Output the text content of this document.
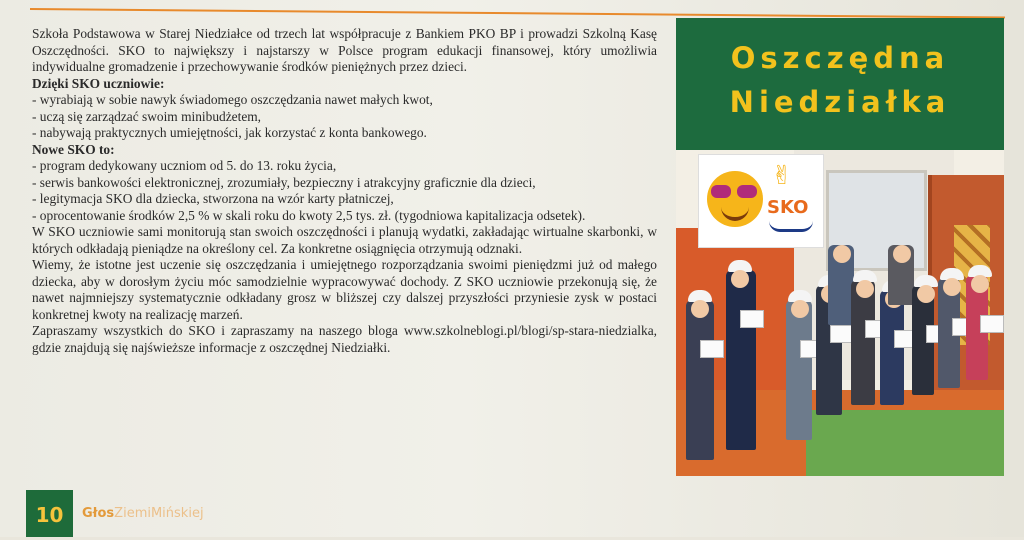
Szkoła Podstawowa w Starej Niedziałce od trzech lat współpracuje z Bankiem PKO BP i prowadzi Szkolną Kasę Oszczędności. SKO to największy i najstarszy w Polsce program edukacji finansowej, który umożliwia indywidualne gromadzenie i przechowywanie środków pieniężnych przez dzieci.

Dzięki SKO uczniowie:

- wyrabiają w sobie nawyk świadomego oszczędzania nawet małych kwot,
- uczą się zarządzać swoim minibudżetem,
- nabywają praktycznych umiejętności, jak korzystać z konta bankowego.

Nowe SKO to:

- program dedykowany uczniom od 5. do 13. roku życia,
- serwis bankowości elektronicznej, zrozumiały, bezpieczny i atrakcyjny graficznie dla dzieci,
- legitymacja SKO dla dziecka, stworzona na wzór karty płatniczej,
- oprocentowanie środków 2,5 % w skali roku do kwoty 2,5 tys. zł. (tygodniowa kapitalizacja odsetek).

W SKO uczniowie sami monitorują stan swoich oszczędności i planują wydatki, zakładając wirtualne skarbonki, w których odkładają pieniądze na określony cel. Za konkretne osiągnięcia otrzymują odznaki.

Wiemy, że istotne jest uczenie się oszczędzania i umiejętnego rozporządzania swoimi pieniędzmi już od małego dziecka, aby w dorosłym życiu móc samodzielnie wypracowywać dochody. Z SKO uczniowie przekonują się, że nawet najmniejszy systematycznie odkładany grosz w bliższej czy dalszej przyszłości przyniesie zysk w postaci konkretnej kwoty na realizację marzeń.

Zapraszamy wszystkich do SKO i zapraszamy na naszego bloga www.szkolneblogi.pl/blogi/sp-stara-niedzialka, gdzie znajdują się najświeższe informacje z oszczędnej Niedziałki.

Oszczędna
Niedziałka
✌
SKO
10	GłosZiemiMińskiej
